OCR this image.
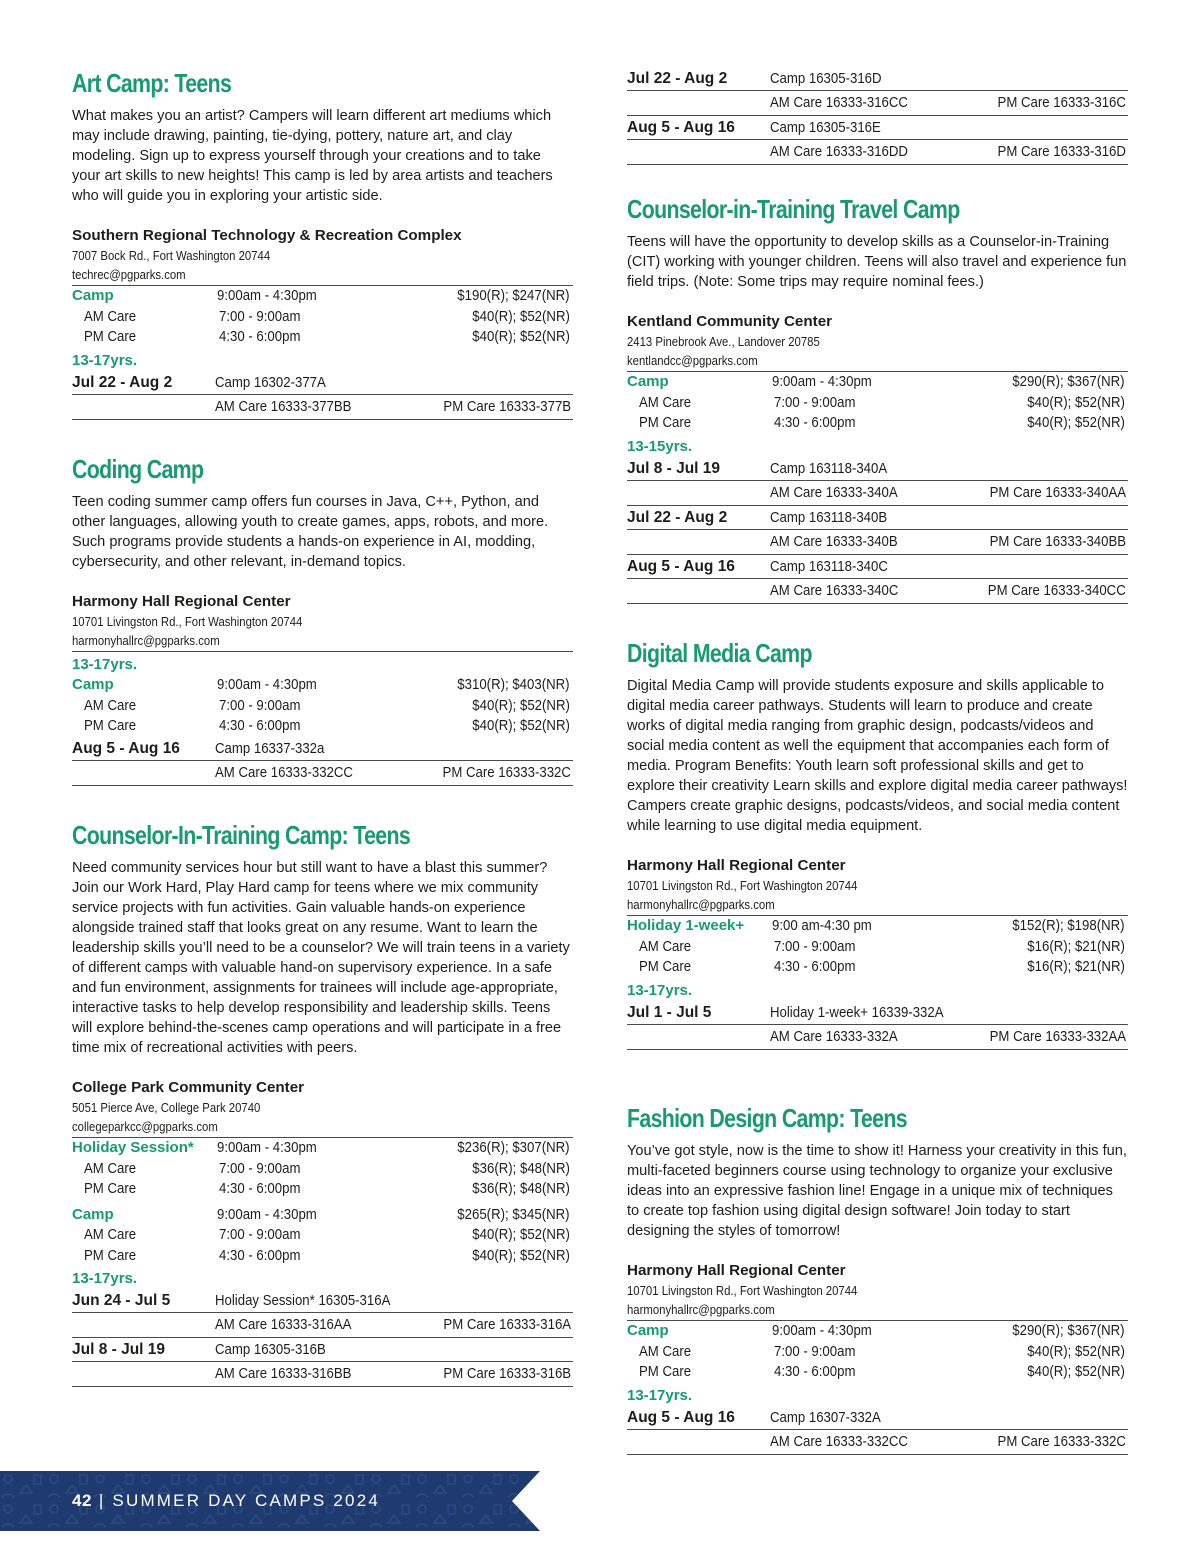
Art Camp: Teens

What makes you an artist? Campers will learn different art mediums which may include drawing, painting, tie-dying, pottery, nature art, and clay modeling. Sign up to express yourself through your creations and to take your art skills to new heights! This camp is led by area artists and teachers who will guide you in exploring your artistic side.

Southern Regional Technology & Recreation Complex
7007 Bock Rd., Fort Washington 20744
techrec@pgparks.com
Camp	9:00am - 4:30pm	$190(R); $247(NR)
AM Care	7:00 - 9:00am	$40(R); $52(NR)
PM Care	4:30 - 6:00pm	$40(R); $52(NR)
13-17yrs.
Jul 22 - Aug 2	Camp 16302-377A
AM Care 16333-377BB	PM Care 16333-377B
Coding Camp

Teen coding summer camp offers fun courses in Java, C++, Python, and other languages, allowing youth to create games, apps, robots, and more. Such programs provide students a hands-on experience in AI, modding, cybersecurity, and other relevant, in-demand topics.

Harmony Hall Regional Center
10701 Livingston Rd., Fort Washington 20744
harmonyhallrc@pgparks.com
13-17yrs.
Camp	9:00am - 4:30pm	$310(R); $403(NR)
AM Care	7:00 - 9:00am	$40(R); $52(NR)
PM Care	4:30 - 6:00pm	$40(R); $52(NR)
Aug 5 - Aug 16	Camp 16337-332a
AM Care 16333-332CC	PM Care 16333-332C
Counselor-In-Training Camp: Teens

Need community services hour but still want to have a blast this summer? Join our Work Hard, Play Hard camp for teens where we mix community service projects with fun activities. Gain valuable hands-on experience alongside trained staff that looks great on any resume. Want to learn the leadership skills you’ll need to be a counselor? We will train teens in a variety of different camps with valuable hand-on supervisory experience. In a safe and fun environment, assignments for trainees will include age-appropriate, interactive tasks to help develop responsibility and leadership skills. Teens will explore behind-the-scenes camp operations and will participate in a free time mix of recreational activities with peers.

College Park Community Center
5051 Pierce Ave, College Park 20740
collegeparkcc@pgparks.com
Holiday Session*	9:00am - 4:30pm	$236(R); $307(NR)
AM Care	7:00 - 9:00am	$36(R); $48(NR)
PM Care	4:30 - 6:00pm	$36(R); $48(NR)
Camp	9:00am - 4:30pm	$265(R); $345(NR)
AM Care	7:00 - 9:00am	$40(R); $52(NR)
PM Care	4:30 - 6:00pm	$40(R); $52(NR)
13-17yrs.
Jun 24 - Jul 5	Holiday Session* 16305-316A
AM Care 16333-316AA	PM Care 16333-316A
Jul 8 - Jul 19	Camp 16305-316B
AM Care 16333-316BB	PM Care 16333-316B
Jul 22 - Aug 2	Camp 16305-316D
AM Care 16333-316CC	PM Care 16333-316C
Aug 5 - Aug 16	Camp 16305-316E
AM Care 16333-316DD	PM Care 16333-316D
Counselor-in-Training Travel Camp

Teens will have the opportunity to develop skills as a Counselor-in-Training (CIT) working with younger children. Teens will also travel and experience fun field trips. (Note: Some trips may require nominal fees.)

Kentland Community Center
2413 Pinebrook Ave., Landover 20785
kentlandcc@pgparks.com
Camp	9:00am - 4:30pm	$290(R); $367(NR)
AM Care	7:00 - 9:00am	$40(R); $52(NR)
PM Care	4:30 - 6:00pm	$40(R); $52(NR)
13-15yrs.
Jul 8 - Jul 19	Camp 163118-340A
AM Care 16333-340A	PM Care 16333-340AA
Jul 22 - Aug 2	Camp 163118-340B
AM Care 16333-340B	PM Care 16333-340BB
Aug 5 - Aug 16	Camp 163118-340C
AM Care 16333-340C	PM Care 16333-340CC
Digital Media Camp

Digital Media Camp will provide students exposure and skills applicable to digital media career pathways. Students will learn to produce and create works of digital media ranging from graphic design, podcasts/videos and social media content as well the equipment that accompanies each form of media. Program Benefits: Youth learn soft professional skills and get to explore their creativity Learn skills and explore digital media career pathways! Campers create graphic designs, podcasts/videos, and social media content while learning to use digital media equipment.

Harmony Hall Regional Center
10701 Livingston Rd., Fort Washington 20744
harmonyhallrc@pgparks.com
Holiday 1-week+	9:00 am-4:30 pm	$152(R); $198(NR)
AM Care	7:00 - 9:00am	$16(R); $21(NR)
PM Care	4:30 - 6:00pm	$16(R); $21(NR)
13-17yrs.
Jul 1 - Jul 5	Holiday 1-week+ 16339-332A
AM Care 16333-332A	PM Care 16333-332AA
Fashion Design Camp: Teens

You’ve got style, now is the time to show it! Harness your creativity in this fun, multi-faceted beginners course using technology to organize your exclusive ideas into an expressive fashion line! Engage in a unique mix of techniques to create top fashion using digital design software! Join today to start designing the styles of tomorrow!

Harmony Hall Regional Center
10701 Livingston Rd., Fort Washington 20744
harmonyhallrc@pgparks.com
Camp	9:00am - 4:30pm	$290(R); $367(NR)
AM Care	7:00 - 9:00am	$40(R); $52(NR)
PM Care	4:30 - 6:00pm	$40(R); $52(NR)
13-17yrs.
Aug 5 - Aug 16	Camp 16307-332A
AM Care 16333-332CC	PM Care 16333-332C
42 | SUMMER DAY CAMPS 2024
